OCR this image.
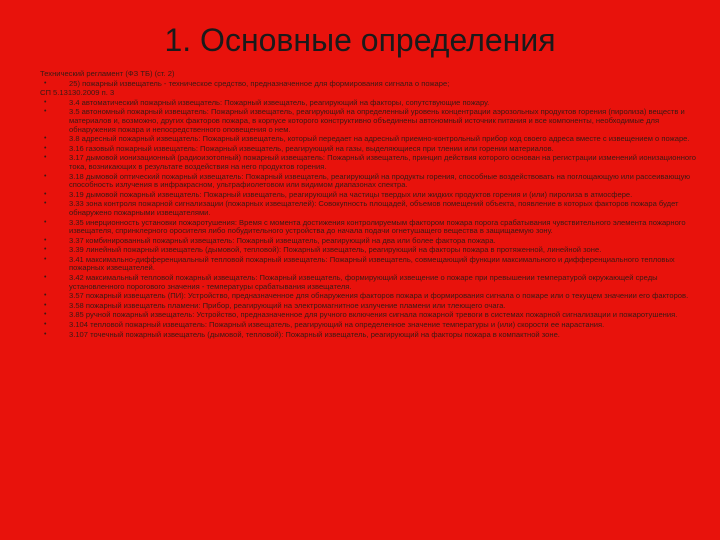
1. Основные определения
Технический регламент (ФЗ ТБ) (ст. 2)
•	25) пожарный извещатель - техническое средство, предназначенное для формирования сигнала о пожаре;
СП 5.13130.2009 п. 3
•	3.4 автоматический пожарный извещатель: Пожарный извещатель, реагирующий на факторы, сопутствующие пожару.
•	3.5 автономный пожарный извещатель: Пожарный извещатель, реагирующий на определенный уровень концентрации аэрозольных продуктов горения (пиролиза) веществ и материалов и, возможно, других факторов пожара, в корпусе которого конструктивно объединены автономный источник питания и все компоненты, необходимые для обнаружения пожара и непосредственного оповещения о нем.
•	3.8 адресный пожарный извещатель: Пожарный извещатель, который передает на адресный приемно-контрольный прибор код своего адреса вместе с извещением о пожаре.
•	3.16 газовый пожарный извещатель: Пожарный извещатель, реагирующий на газы, выделяющиеся при тлении или горении материалов.
•	3.17 дымовой ионизационный (радиоизотопный) пожарный извещатель: Пожарный извещатель, принцип действия которого основан на регистрации изменений ионизационного тока, возникающих в результате воздействия на него продуктов горения.
•	3.18 дымовой оптический пожарный извещатель: Пожарный извещатель, реагирующий на продукты горения, способные воздействовать на поглощающую или рассеивающую способность излучения в инфракрасном, ультрафиолетовом или видимом диапазонах спектра.
•	3.19 дымовой пожарный извещатель: Пожарный извещатель, реагирующий на частицы твердых или жидких продуктов горения и (или) пиролиза в атмосфере.
•	3.33 зона контроля пожарной сигнализации (пожарных извещателей): Совокупность площадей, объемов помещений объекта, появление в которых факторов пожара будет обнаружено пожарными извещателями.
•	3.35 инерционность установки пожаротушения: Время с момента достижения контролируемым фактором пожара порога срабатывания чувствительного элемента пожарного извещателя, спринклерного оросителя либо побудительного устройства до начала подачи огнетушащего вещества в защищаемую зону.
•	3.37 комбинированный пожарный извещатель: Пожарный извещатель, реагирующий на два или более фактора пожара.
•	3.39 линейный пожарный извещатель (дымовой, тепловой): Пожарный извещатель, реагирующий на факторы пожара в протяженной, линейной зоне.
•	3.41 максимально-дифференциальный тепловой пожарный извещатель: Пожарный извещатель, совмещающий функции максимального и дифференциального тепловых пожарных извещателей.
•	3.42 максимальный тепловой пожарный извещатель: Пожарный извещатель, формирующий извещение о пожаре при превышении температурой окружающей среды установленного порогового значения - температуры срабатывания извещателя.
•	3.57 пожарный извещатель (ПИ): Устройство, предназначенное для обнаружения факторов пожара и формирования сигнала о пожаре или о текущем значении его факторов.
•	3.58 пожарный извещатель пламени: Прибор, реагирующий на электромагнитное излучение пламени или тлеющего очага.
•	3.85 ручной пожарный извещатель: Устройство, предназначенное для ручного включения сигнала пожарной тревоги в системах пожарной сигнализации и пожаротушения.
•	3.104 тепловой пожарный извещатель: Пожарный извещатель, реагирующий на определенное значение температуры и (или) скорости ее нарастания.
•	3.107 точечный пожарный извещатель (дымовой, тепловой): Пожарный извещатель, реагирующий на факторы пожара в компактной зоне.
